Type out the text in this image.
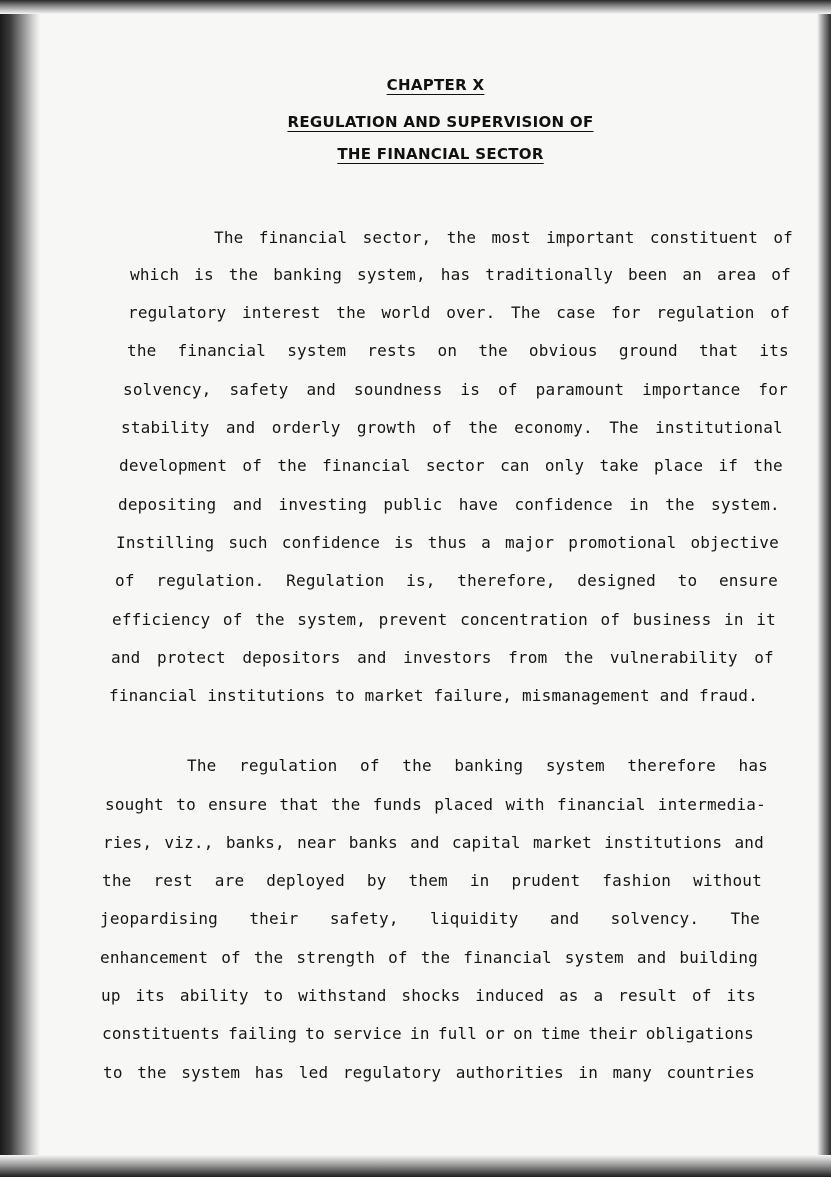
CHAPTER X
REGULATION AND SUPERVISION OF
THE FINANCIAL SECTOR
The financial sector, the most important constituent of
which is the banking system, has traditionally been an area of
regulatory interest the world over. The case for regulation of
the financial system rests on the obvious ground that its
solvency, safety and soundness is of paramount importance for
stability and orderly growth of the economy. The institutional
development of the financial sector can only take place if the
depositing and investing public have confidence in the system.
Instilling such confidence is thus a major promotional objective
of regulation. Regulation is, therefore, designed to ensure
efficiency of the system, prevent concentration of business in it
and protect depositors and investors from the vulnerability of
financial institutions to market failure, mismanagement and fraud.
The regulation of the banking system therefore has
sought to ensure that the funds placed with financial intermedia-
ries, viz., banks, near banks and capital market institutions and
the rest are deployed by them in prudent fashion without
jeopardising their safety, liquidity and solvency. The
enhancement of the strength of the financial system and building
up its ability to withstand shocks induced as a result of its
constituents failing to service in full or on time their obligations
to the system has led regulatory authorities in many countries
